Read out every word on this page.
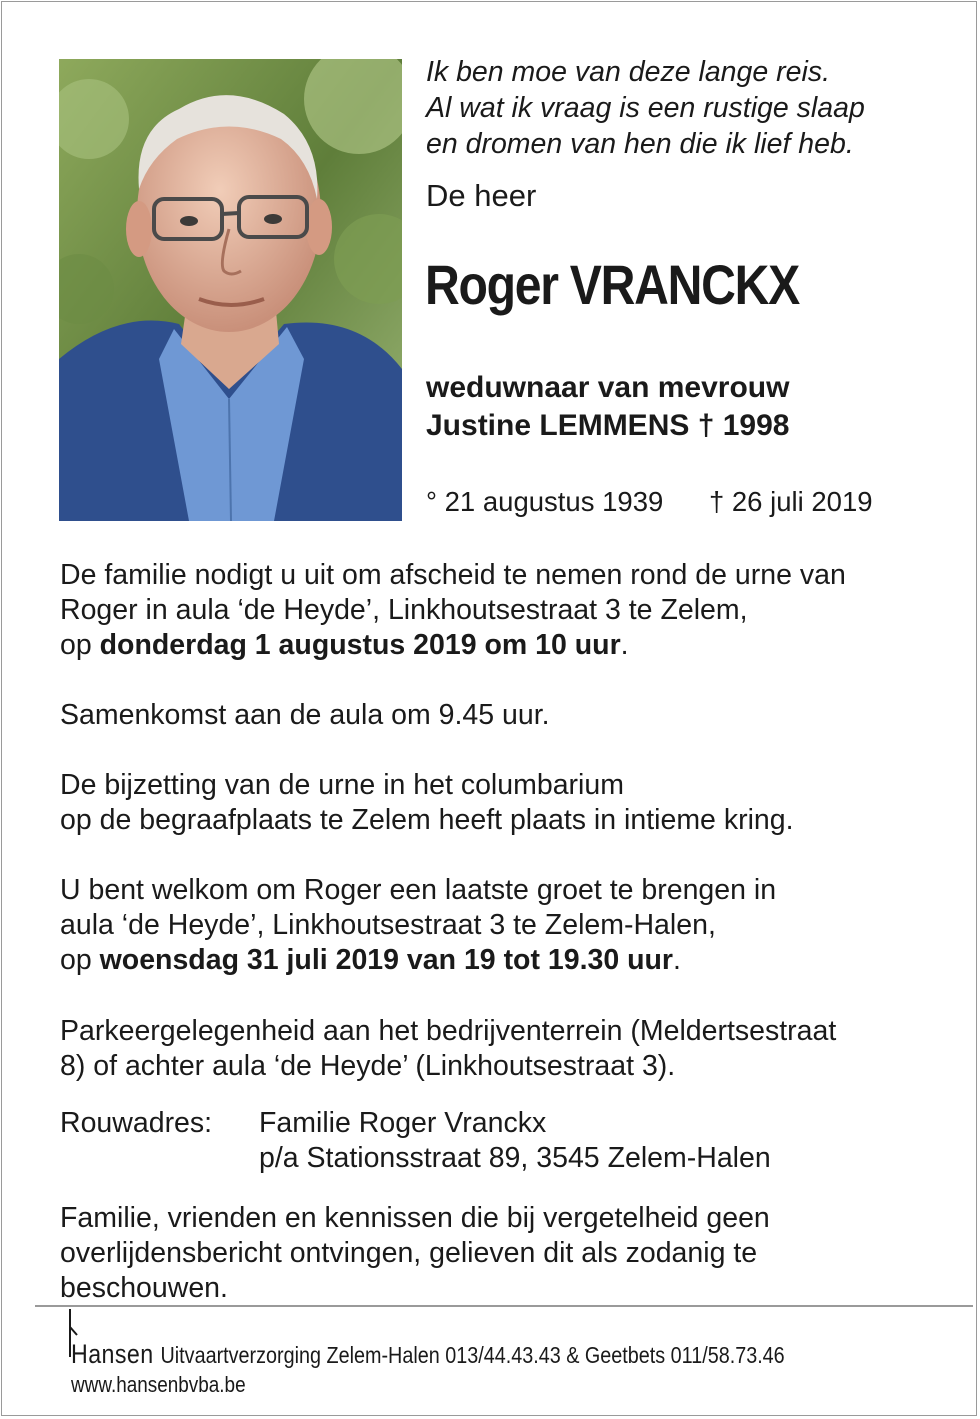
Ik ben moe van deze lange reis.
Al wat ik vraag is een rustige slaap
en dromen van hen die ik lief heb.
De heer
Roger VRANCKX
weduwnaar van mevrouw
Justine LEMMENS † 1998
° 21 augustus 1939 † 26 juli 2019
De familie nodigt u uit om afscheid te nemen rond de urne van
Roger in aula ‘de Heyde’, Linkhoutsestraat 3 te Zelem,
op donderdag 1 augustus 2019 om 10 uur.
Samenkomst aan de aula om 9.45 uur.
De bijzetting van de urne in het columbarium
op de begraafplaats te Zelem heeft plaats in intieme kring.
U bent welkom om Roger een laatste groet te brengen in
aula ‘de Heyde’, Linkhoutsestraat 3 te Zelem-Halen,
op woensdag 31 juli 2019 van 19 tot 19.30 uur.
Parkeergelegenheid aan het bedrijventerrein (Meldertsestraat
8) of achter aula ‘de Heyde’ (Linkhoutsestraat 3).
Rouwadres:	Familie Roger Vranckx
p/a Stationsstraat 89, 3545 Zelem-Halen
Familie, vrienden en kennissen die bij vergetelheid geen
overlijdensbericht ontvingen, gelieven dit als zodanig te
beschouwen.
Hansen Uitvaartverzorging Zelem-Halen 013/44.43.43 & Geetbets 011/58.73.46
www.hansenbvba.be
